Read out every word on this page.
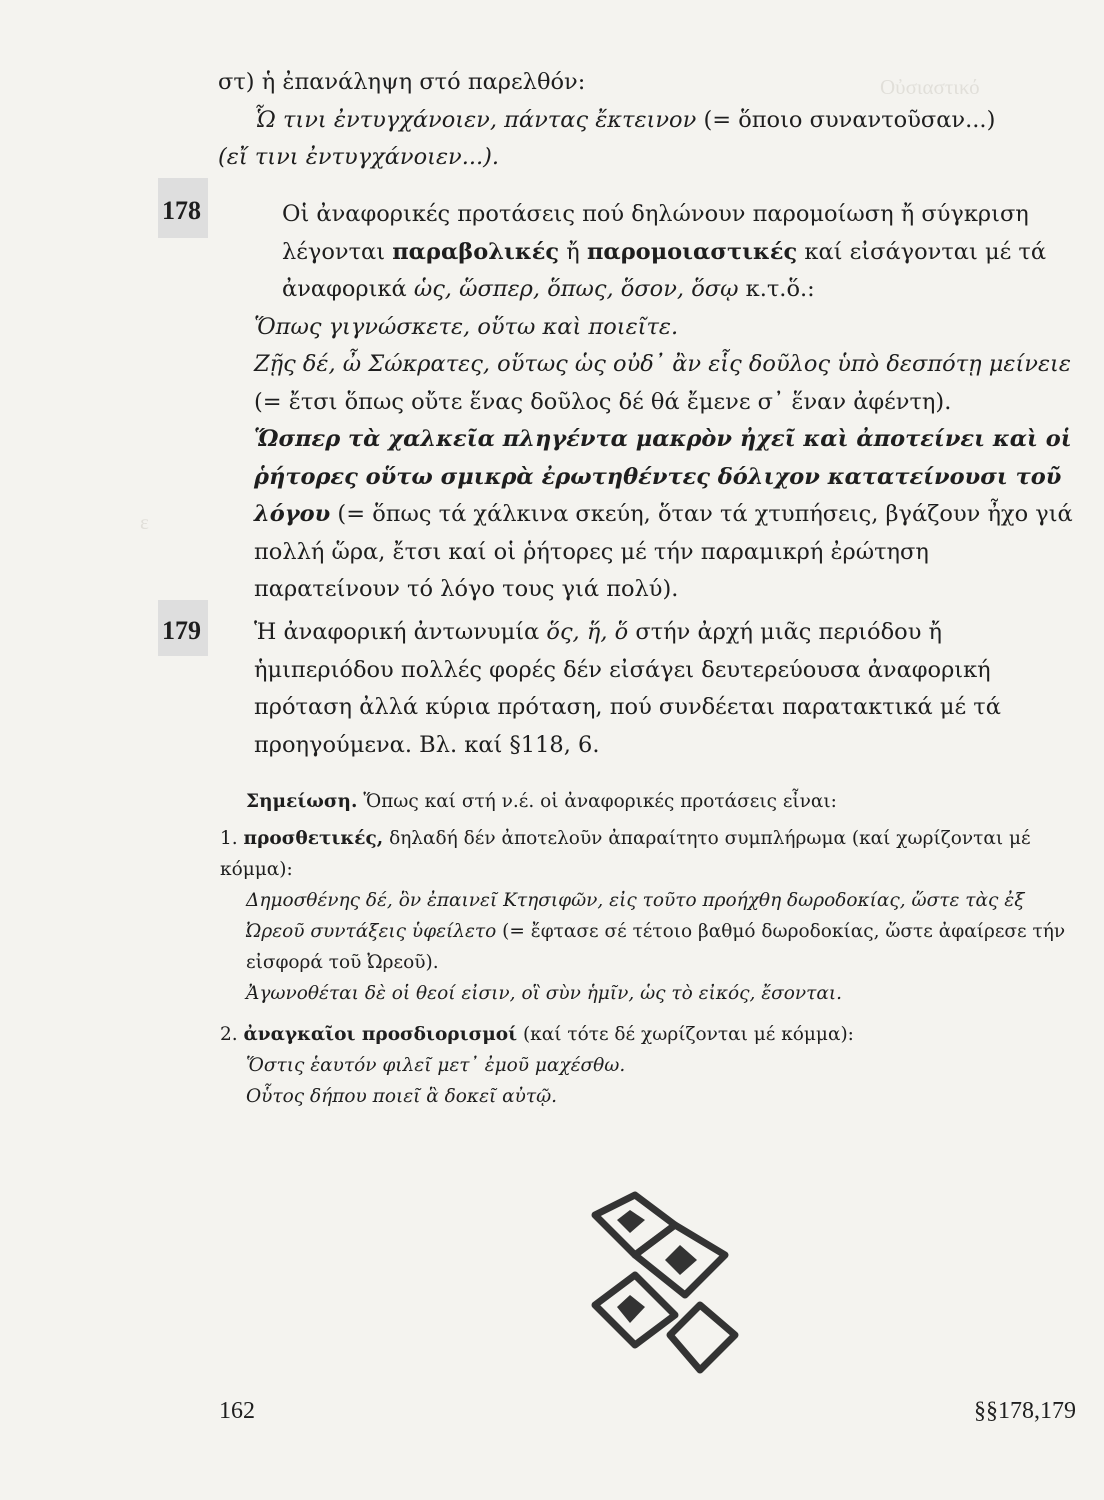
Οὐσιαστικό
ε

στ) ἡ ἐπανάληψη στό παρελθόν:

Ὧ τινι ἐντυγχάνοιεν, πάντας ἔκτεινον (= ὅποιο συναντοῦσαν...)

(εἴ τινι ἐντυγχάνοιεν...).

178	Οἱ ἀναφορικές προτάσεις πού δηλώνουν παρομοίωση ἤ σύγκριση λέγονται παραβολικές ἤ παρομοιαστικές καί εἰσάγονται μέ τά ἀναφορικά ὡς, ὥσπερ, ὅπως, ὅσον, ὅσῳ κ.τ.ὅ.:

Ὅπως γιγνώσκετε, οὕτω καὶ ποιεῖτε.

Ζῇς δέ, ὦ Σώκρατες, οὕτως ὡς οὐδ᾽ ἂν εἷς δοῦλος ὑπὸ δεσπότῃ μείνειε (= ἔτσι ὅπως οὔτε ἕνας δοῦλος δέ θά ἔμενε σ᾽ ἕναν ἀφέντη).

Ὥσπερ τὰ χαλκεῖα πληγέντα μακρὸν ἠχεῖ καὶ ἀποτείνει καὶ οἱ ῥήτορες οὕτω σμικρὰ ἐρωτηθέντες δόλιχον κατατείνουσι τοῦ λόγου (= ὅπως τά χάλκινα σκεύη, ὅταν τά χτυπήσεις, βγάζουν ἦχο γιά πολλή ὥρα, ἔτσι καί οἱ ῥήτορες μέ τήν παραμικρή ἐρώτηση παρατείνουν τό λόγο τους γιά πολύ).

179	Ἡ ἀναφορική ἀντωνυμία ὅς, ἥ, ὅ στήν ἀρχή μιᾶς περιόδου ἤ ἡμιπεριόδου πολλές φορές δέν εἰσάγει δευτερεύουσα ἀναφορική πρόταση ἀλλά κύρια πρόταση, πού συνδέεται παρατακτικά μέ τά προηγούμενα. Βλ. καί §118, 6.

Σημείωση. Ὅπως καί στή ν.έ. οἱ ἀναφορικές προτάσεις εἶναι:

1. προσθετικές, δηλαδή δέν ἀποτελοῦν ἀπαραίτητο συμπλήρωμα (καί χωρίζονται μέ κόμμα):

Δημοσθένης δέ, ὃν ἐπαινεῖ Κτησιφῶν, εἰς τοῦτο προήχθη δωροδοκίας, ὥστε τὰς ἐξ Ὠρεοῦ συντάξεις ὑφείλετο (= ἔφτασε σέ τέτοιο βαθμό δωροδοκίας, ὥστε ἀφαίρεσε τήν εἰσφορά τοῦ Ὠρεοῦ).

Ἀγωνοθέται δὲ οἱ θεοί εἰσιν, οἳ σὺν ἡμῖν, ὡς τὸ εἰκός, ἔσονται.

2. ἀναγκαῖοι προσδιορισμοί (καί τότε δέ χωρίζονται μέ κόμμα):

Ὅστις ἑαυτόν φιλεῖ μετ᾽ ἐμοῦ μαχέσθω.

Οὗτος δήπου ποιεῖ ἃ δοκεῖ αὐτῷ.

162	§§178,179
